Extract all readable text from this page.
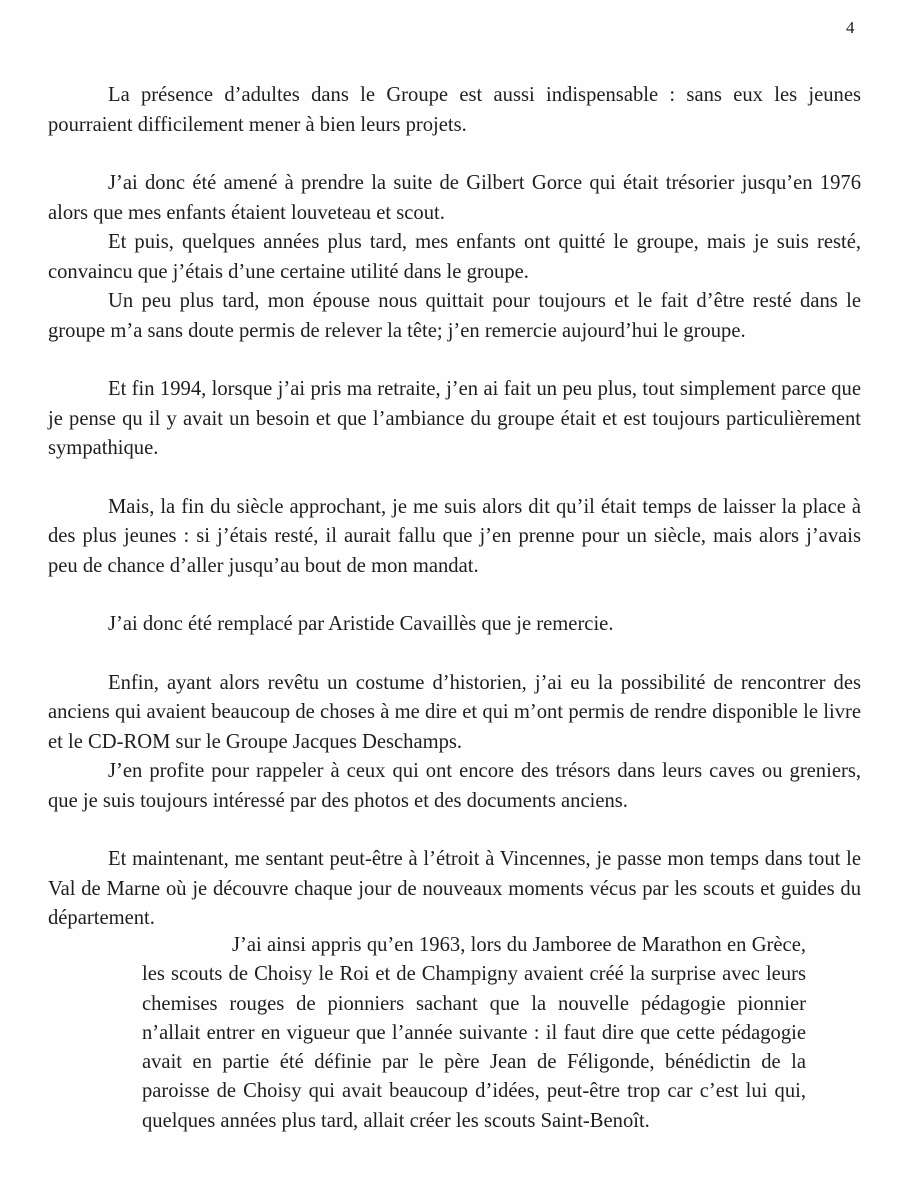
4

La présence d’adultes dans le Groupe est aussi indispensable : sans eux les jeunes pourraient difficilement mener à bien leurs projets.

J’ai donc été amené à prendre la suite de Gilbert Gorce qui était trésorier jusqu’en 1976 alors que mes enfants étaient louveteau et scout.

Et puis, quelques années plus tard, mes enfants ont quitté le groupe, mais je suis resté, convaincu que j’étais d’une certaine utilité dans le groupe.

Un peu plus tard, mon épouse nous quittait pour toujours et le fait d’être resté dans le groupe m’a sans doute permis de relever la tête; j’en remercie aujourd’hui le groupe.

Et fin 1994, lorsque j’ai pris ma retraite, j’en ai fait un peu plus, tout simplement parce que je pense qu il y avait un besoin et que l’ambiance du groupe était et est toujours particulièrement sympathique.

Mais, la fin du siècle approchant, je me suis alors dit qu’il était temps de laisser la place à des plus jeunes : si j’étais resté, il aurait fallu que j’en prenne pour un siècle, mais alors j’avais peu de chance d’aller jusqu’au bout de mon mandat.

J’ai donc été remplacé par Aristide Cavaillès que je remercie.

Enfin, ayant alors revêtu un costume d’historien, j’ai eu la possibilité de rencontrer des anciens qui avaient beaucoup de choses à me dire et qui m’ont permis de rendre disponible le livre et le CD-ROM sur le Groupe Jacques Deschamps.

J’en profite pour rappeler à ceux qui ont encore des trésors dans leurs caves ou greniers, que je suis toujours intéressé par des photos et des documents anciens.

Et maintenant, me sentant peut-être à l’étroit à Vincennes, je passe mon temps dans tout le Val de Marne où je découvre chaque jour de nouveaux moments vécus par les scouts et guides du département.

J’ai ainsi appris qu’en 1963, lors du Jamboree de Marathon en Grèce, les scouts de Choisy le Roi et de Champigny avaient créé la surprise avec leurs chemises rouges de pionniers sachant que la nouvelle pédagogie pionnier n’allait entrer en vigueur que l’année suivante : il faut dire que cette pédagogie avait en partie été définie par le père Jean de Féligonde, bénédictin de la paroisse de Choisy qui avait beaucoup d’idées, peut-être trop car c’est lui qui, quelques années plus tard, allait créer les scouts Saint-Benoît.
